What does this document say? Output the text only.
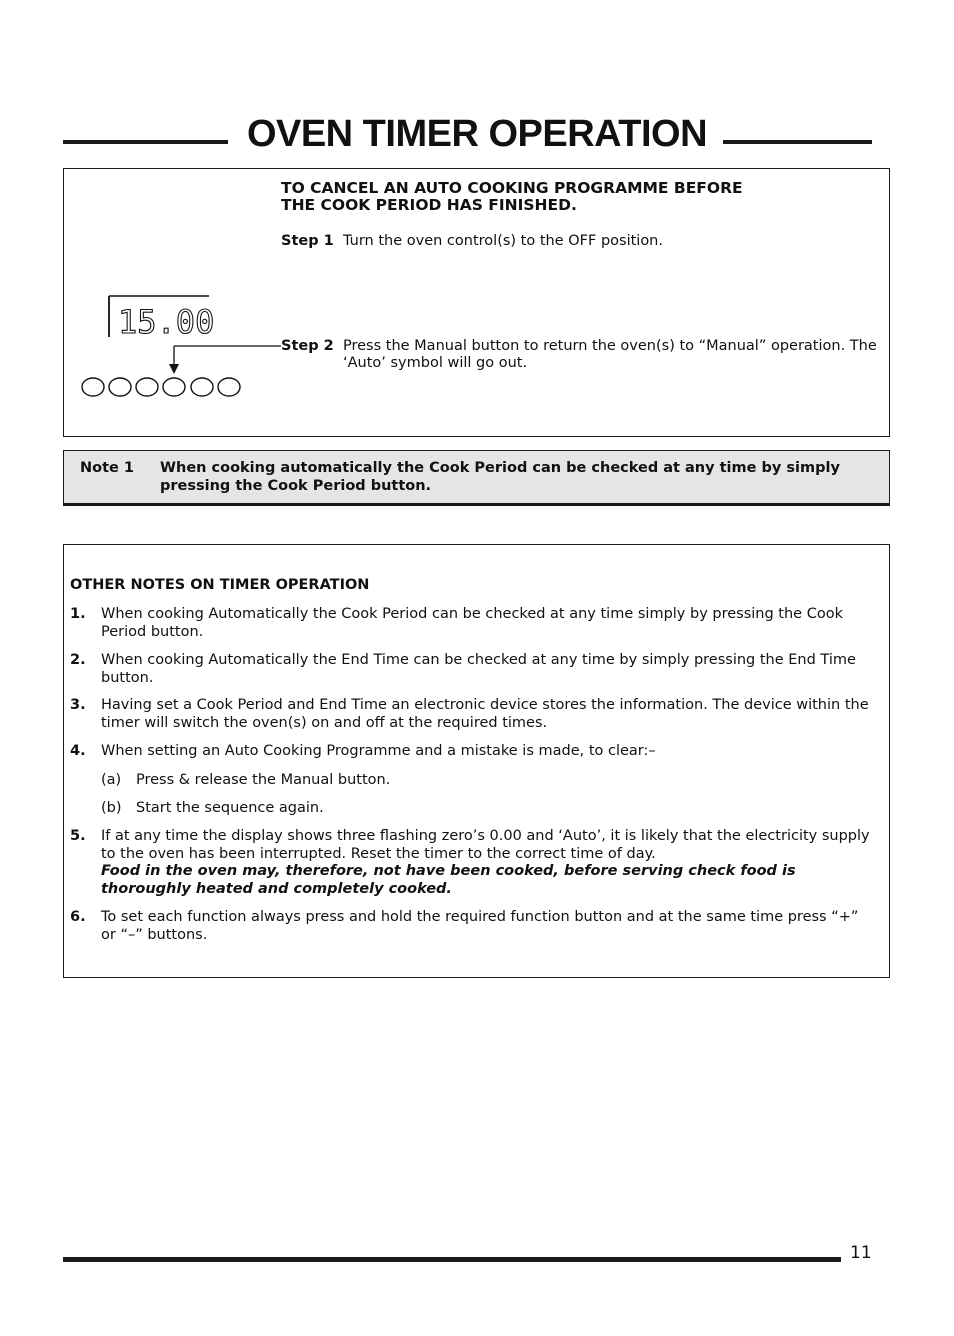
OVEN TIMER OPERATION
TO CANCEL AN AUTO COOKING PROGRAMME BEFORE
THE COOK PERIOD HAS FINISHED.
Step 1 Turn the oven control(s) to the OFF position.
15.00
Step 2 Press the Manual button to return the oven(s) to “Manual” operation. The ‘Auto’ symbol will go out.
Note 1 When cooking automatically the Cook Period can be checked at any time by simply pressing the Cook Period button.
OTHER NOTES ON TIMER OPERATION
1. When cooking Automatically the Cook Period can be checked at any time simply by pressing the Cook Period button.
2. When cooking Automatically the End Time can be checked at any time by simply pressing the End Time button.
3. Having set a Cook Period and End Time an electronic device stores the information. The device within the timer will switch the oven(s) on and off at the required times.
4. When setting an Auto Cooking Programme and a mistake is made, to clear:–
(a) Press & release the Manual button.
(b) Start the sequence again.
5. If at any time the display shows three flashing zero’s 0.00 and ‘Auto’, it is likely that the electricity supply to the oven has been interrupted. Reset the timer to the correct time of day.
Food in the oven may, therefore, not have been cooked, before serving check food is thoroughly heated and completely cooked.
6. To set each function always press and hold the required function button and at the same time press “+” or “–” buttons.
11
